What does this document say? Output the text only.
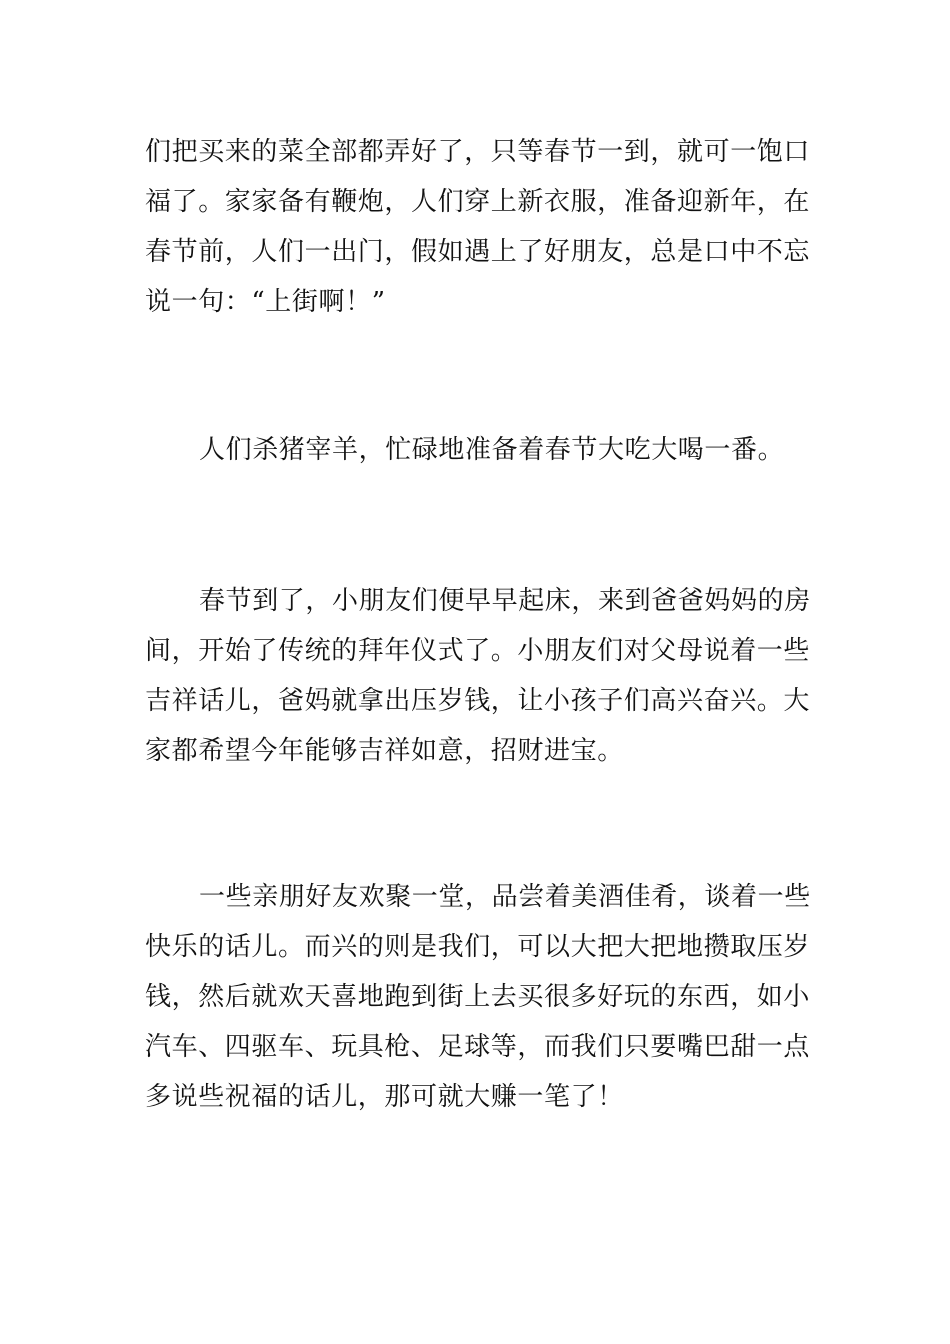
们把买来的菜全部都弄好了，只等春节一到，就可一饱口
福了。家家备有鞭炮，人们穿上新衣服，准备迎新年，在
春节前，人们一出门，假如遇上了好朋友，总是口中不忘
说一句：“上街啊！”

人们杀猪宰羊，忙碌地准备着春节大吃大喝一番。

春节到了，小朋友们便早早起床，来到爸爸妈妈的房
间，开始了传统的拜年仪式了。小朋友们对父母说着一些
吉祥话儿，爸妈就拿出压岁钱，让小孩子们高兴奋兴。大
家都希望今年能够吉祥如意，招财进宝。

一些亲朋好友欢聚一堂，品尝着美酒佳肴，谈着一些
快乐的话儿。而兴的则是我们，可以大把大把地攒取压岁
钱，然后就欢天喜地跑到街上去买很多好玩的东西，如小
汽车、四驱车、玩具枪、足球等，而我们只要嘴巴甜一点
多说些祝福的话儿，那可就大赚一笔了！
